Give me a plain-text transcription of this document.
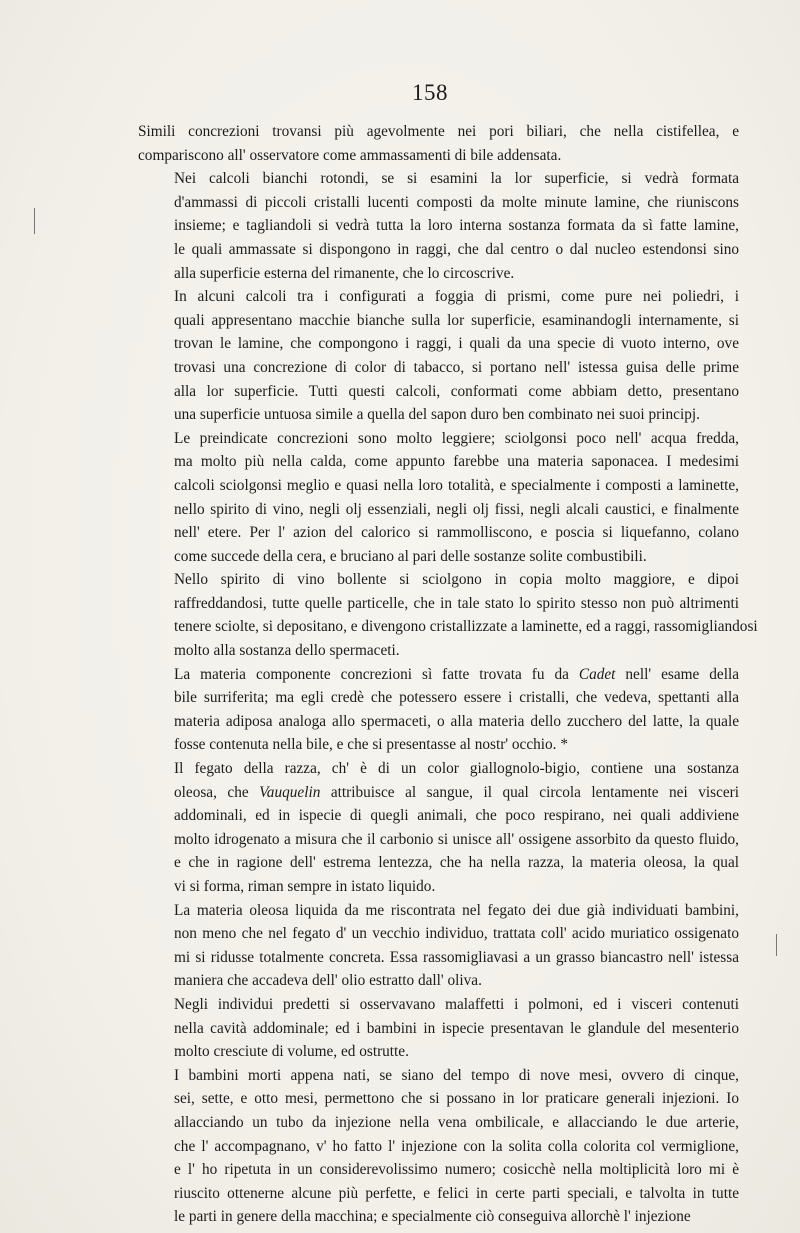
158

Simili concrezioni trovansi più agevolmente nei pori biliari, che nella cistifellea, e
compariscono all' osservatore come ammassamenti di bile addensata.

Nei calcoli bianchi rotondi, se si esamini la lor superficie, si vedrà formata
d'ammassi di piccoli cristalli lucenti composti da molte minute lamine, che riuniscons
insieme; e tagliandoli si vedrà tutta la loro interna sostanza formata da sì fatte lamine,
le quali ammassate si dispongono in raggi, che dal centro o dal nucleo estendonsi sino
alla superficie esterna del rimanente, che lo circoscrive.

In alcuni calcoli tra i configurati a foggia di prismi, come pure nei poliedri, i
quali appresentano macchie bianche sulla lor superficie, esaminandogli internamente, si
trovan le lamine, che compongono i raggi, i quali da una specie di vuoto interno, ove
trovasi una concrezione di color di tabacco, si portano nell' istessa guisa delle prime
alla lor superficie. Tutti questi calcoli, conformati come abbiam detto, presentano
una superficie untuosa simile a quella del sapon duro ben combinato nei suoi principj.

Le preindicate concrezioni sono molto leggiere; sciolgonsi poco nell' acqua fredda,
ma molto più nella calda, come appunto farebbe una materia saponacea. I medesimi
calcoli sciolgonsi meglio e quasi nella loro totalità, e specialmente i composti a laminette,
nello spirito di vino, negli olj essenziali, negli olj fissi, negli alcali caustici, e finalmente
nell' etere. Per l' azion del calorico si rammolliscono, e poscia si liquefanno, colano
come succede della cera, e bruciano al pari delle sostanze solite combustibili.

Nello spirito di vino bollente si sciolgono in copia molto maggiore, e dipoi
raffreddandosi, tutte quelle particelle, che in tale stato lo spirito stesso non può altrimenti
tenere sciolte, si depositano, e divengono cristallizzate a laminette, ed a raggi, rassomigliandosi
molto alla sostanza dello spermaceti.

La materia componente concrezioni sì fatte trovata fu da Cadet nell' esame della
bile surriferita; ma egli credè che potessero essere i cristalli, che vedeva, spettanti alla
materia adiposa analoga allo spermaceti, o alla materia dello zucchero del latte, la quale
fosse contenuta nella bile, e che si presentasse al nostr' occhio. *

Il fegato della razza, ch' è di un color giallognolo-bigio, contiene una sostanza
oleosa, che Vauquelin attribuisce al sangue, il qual circola lentamente nei visceri
addominali, ed in ispecie di quegli animali, che poco respirano, nei quali addiviene
molto idrogenato a misura che il carbonio si unisce all' ossigene assorbito da questo fluido,
e che in ragione dell' estrema lentezza, che ha nella razza, la materia oleosa, la qual
vi si forma, riman sempre in istato liquido.

La materia oleosa liquida da me riscontrata nel fegato dei due già individuati bambini,
non meno che nel fegato d' un vecchio individuo, trattata coll' acido muriatico ossigenato
mi si ridusse totalmente concreta. Essa rassomigliavasi a un grasso biancastro nell' istessa
maniera che accadeva dell' olio estratto dall' oliva.

Negli individui predetti si osservavano malaffetti i polmoni, ed i visceri contenuti
nella cavità addominale; ed i bambini in ispecie presentavan le glandule del mesenterio
molto cresciute di volume, ed ostrutte.

I bambini morti appena nati, se siano del tempo di nove mesi, ovvero di cinque,
sei, sette, e otto mesi, permettono che si possano in lor praticare generali injezioni. Io
allacciando un tubo da injezione nella vena ombilicale, e allacciando le due arterie,
che l' accompagnano, v' ho fatto l' injezione con la solita colla colorita col vermiglione,
e l' ho ripetuta in un considerevolissimo numero; cosicchè nella moltiplicità loro mi è
riuscito ottenerne alcune più perfette, e felici in certe parti speciali, e talvolta in tutte
le parti in genere della macchina; e specialmente ciò conseguiva allorchè l' injezione
